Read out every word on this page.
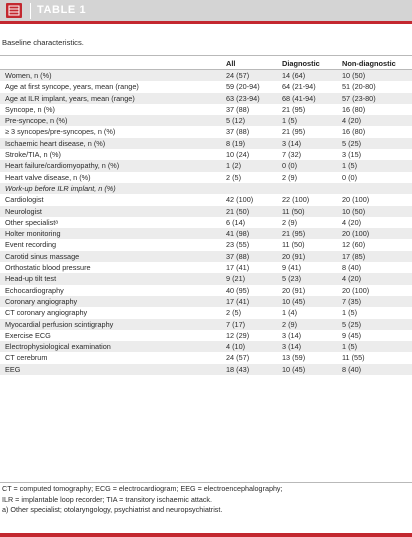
TABLE 1
Baseline characteristics.
All	Diagnostic	Non-diagnostic
Women, n (%)	24 (57)	14 (64)	10 (50)
Age at first syncope, years, mean (range)	59 (20-94)	64 (21-94)	51 (20-80)
Age at ILR implant, years, mean (range)	63 (23-94)	68 (41-94)	57 (23-80)
Syncope, n (%)	37 (88)	21 (95)	16 (80)
Pre-syncope, n (%)	5 (12)	1 (5)	4 (20)
≥ 3 syncopes/pre-syncopes, n (%)	37 (88)	21 (95)	16 (80)
Ischaemic heart disease, n (%)	8 (19)	3 (14)	5 (25)
Stroke/TIA, n (%)	10 (24)	7 (32)	3 (15)
Heart failure/cardiomyopathy, n (%)	1 (2)	0 (0)	1 (5)
Heart valve disease, n (%)	2 (5)	2 (9)	0 (0)
Work-up before ILR implant, n (%)
Cardiologist	42 (100)	22 (100)	20 (100)
Neurologist	21 (50)	11 (50)	10 (50)
Other specialistᵃ	6 (14)	2 (9)	4 (20)
Holter monitoring	41 (98)	21 (95)	20 (100)
Event recording	23 (55)	11 (50)	12 (60)
Carotid sinus massage	37 (88)	20 (91)	17 (85)
Orthostatic blood pressure	17 (41)	9 (41)	8 (40)
Head-up tilt test	9 (21)	5 (23)	4 (20)
Echocardiography	40 (95)	20 (91)	20 (100)
Coronary angiography	17 (41)	10 (45)	7 (35)
CT coronary angiography	2 (5)	1 (4)	1 (5)
Myocardial perfusion scintigraphy	7 (17)	2 (9)	5 (25)
Exercise ECG	12 (29)	3 (14)	9 (45)
Electrophysiological examination	4 (10)	3 (14)	1 (5)
CT cerebrum	24 (57)	13 (59)	11 (55)
EEG	18 (43)	10 (45)	8 (40)
CT = computed tomography; ECG = electrocardiogram; EEG = electroencephalography;
ILR = implantable loop recorder; TIA = transitory ischaemic attack.
a) Other specialist; otolaryngology, psychiatrist and neuropsychiatrist.
